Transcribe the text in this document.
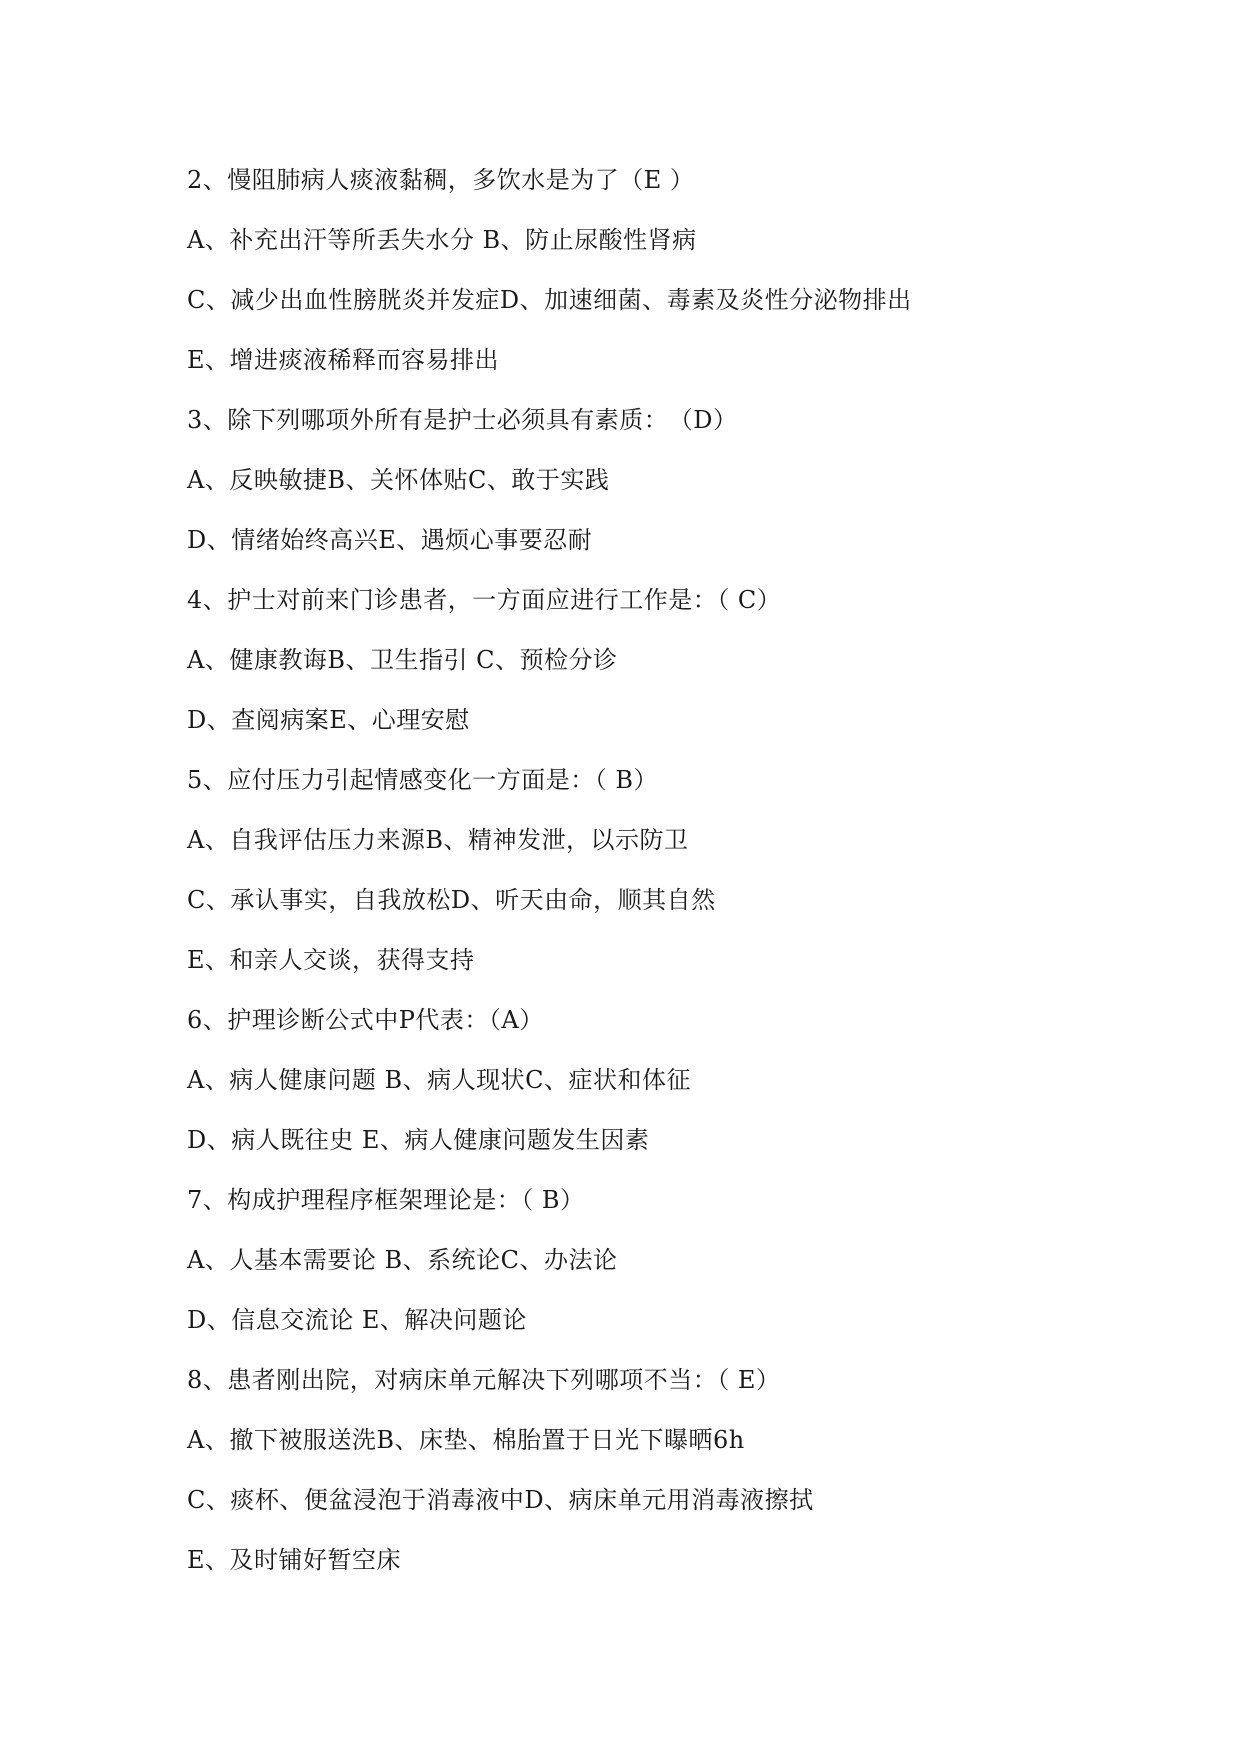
2、慢阻肺病人痰液黏稠，多饮水是为了（E ）
A、补充出汗等所丢失水分 B、防止尿酸性肾病
C、减少出血性膀胱炎并发症D、加速细菌、毒素及炎性分泌物排出
E、增进痰液稀释而容易排出
3、除下列哪项外所有是护士必须具有素质：　（D）
A、反映敏捷B、关怀体贴C、敢于实践
D、情绪始终高兴E、遇烦心事要忍耐
4、护士对前来门诊患者，一方面应进行工作是：（ C）
A、健康教诲B、卫生指引 C、预检分诊
D、查阅病案E、心理安慰
5、应付压力引起情感变化一方面是：（ B）
A、自我评估压力来源B、精神发泄，以示防卫
C、承认事实，自我放松D、听天由命，顺其自然
E、和亲人交谈，获得支持
6、护理诊断公式中P代表：（A）
A、病人健康问题 B、病人现状C、症状和体征
D、病人既往史 E、病人健康问题发生因素
7、构成护理程序框架理论是：（ B）
A、人基本需要论 B、系统论C、办法论
D、信息交流论 E、解决问题论
8、患者刚出院，对病床单元解决下列哪项不当：（ E）
A、撤下被服送洗B、床垫、棉胎置于日光下曝晒6h
C、痰杯、便盆浸泡于消毒液中D、病床单元用消毒液擦拭
E、及时铺好暂空床
